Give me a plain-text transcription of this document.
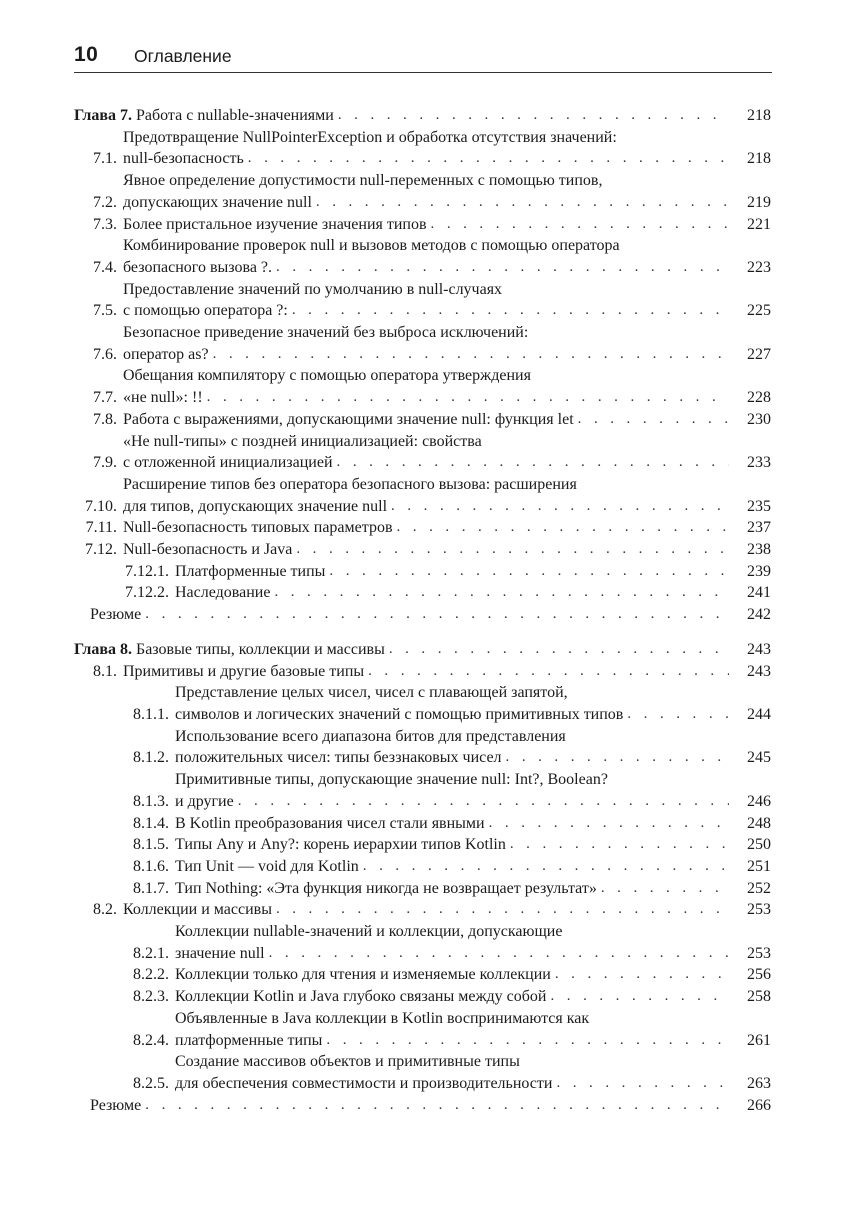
10 Оглавление
Глава 7. Работа с nullable-значениями . . .	218
7.1.
Предотвращение NullPointerException и обработка отсутствия значений:
null-безопасность . . .	218
7.2.
Явное определение допустимости null-переменных с помощью типов,
допускающих значение null . . .	219
7.3. Более пристальное изучение значения типов . . .	221
7.4.
Комбинирование проверок null и вызовов методов с помощью оператора
безопасного вызова ?. . . .	223
7.5.
Предоставление значений по умолчанию в null-случаях
с помощью оператора ?: . . .	225
7.6.
Безопасное приведение значений без выброса исключений:
оператор as? . . .	227
7.7.
Обещания компилятору с помощью оператора утверждения
«не null»: !! . . .	228
7.8. Работа с выражениями, допускающими значение null: функция let . . .	230
7.9.
«Не null-типы» с поздней инициализацией: свойства
с отложенной инициализацией . . .	233
7.10.
Расширение типов без оператора безопасного вызова: расширения
для типов, допускающих значение null . . .	235
7.11. Null-безопасность типовых параметров . . .	237
7.12. Null-безопасность и Java . . .	238
7.12.1. Платформенные типы . . .	239
7.12.2. Наследование . . .	241
Резюме . . .	242
Глава 8. Базовые типы, коллекции и массивы . . .	243
8.1. Примитивы и другие базовые типы . . .	243
8.1.1.
Представление целых чисел, чисел с плавающей запятой,
символов и логических значений с помощью примитивных типов . . .	244
8.1.2.
Использование всего диапазона битов для представления
положительных чисел: типы беззнаковых чисел . . .	245
8.1.3.
Примитивные типы, допускающие значение null: Int?, Boolean?
и другие . . .	246
8.1.4. В Kotlin преобразования чисел стали явными . . .	248
8.1.5. Типы Any и Any?: корень иерархии типов Kotlin . . .	250
8.1.6. Тип Unit — void для Kotlin . . .	251
8.1.7. Тип Nothing: «Эта функция никогда не возвращает результат» . . .	252
8.2. Коллекции и массивы . . .	253
8.2.1.
Коллекции nullable-значений и коллекции, допускающие
значение null . . .	253
8.2.2. Коллекции только для чтения и изменяемые коллекции . . .	256
8.2.3. Коллекции Kotlin и Java глубоко связаны между собой . . .	258
8.2.4.
Объявленные в Java коллекции в Kotlin воспринимаются как
платформенные типы . . .	261
8.2.5.
Создание массивов объектов и примитивные типы
для обеспечения совместимости и производительности . . .	263
Резюме . . .	266
